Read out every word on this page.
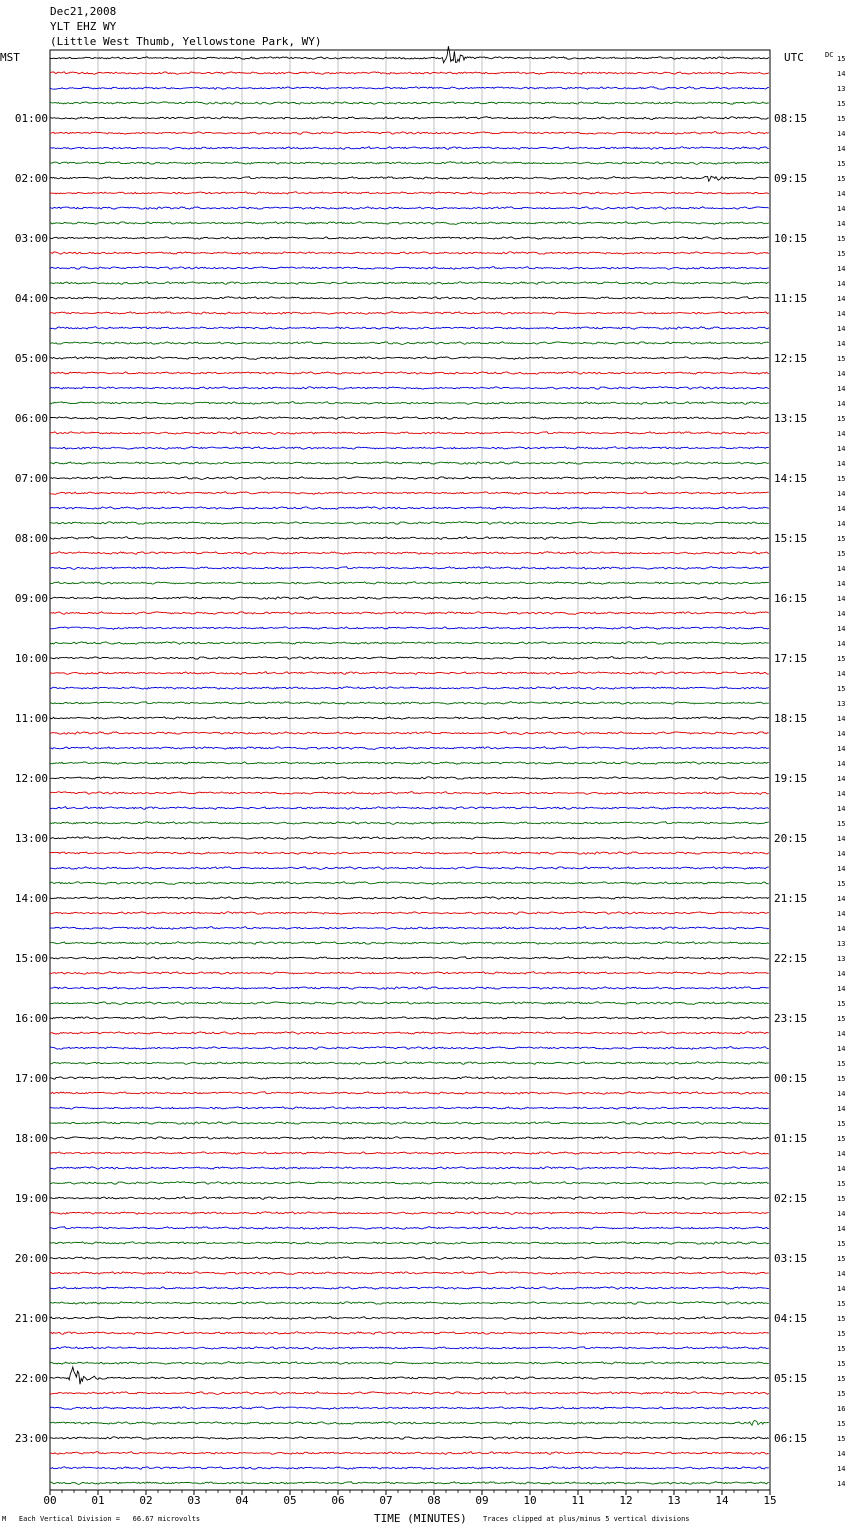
Dec21,2008
YLT EHZ WY
(Little West Thumb, Yellowstone Park, WY)
00	01	02	03	04	05	06	07	08	09	10	11	12	13	14	15
15
14
13
15
15
14
14
15
15
14
14
14
15
15
14
14
14
14
14
14
15
14
14
14
15
14
14
14
15
14
14
14
15
15
14
14
14
14
14
14
15
14
15
13
14
14
14
14
14
14
14
15
14
14
14
15
14
14
14
13
13
14
14
15
15
14
14
15
15
14
14
15
15
14
14
15
15
14
14
15
15
14
14
15
15
15
15
15
15
15
16
15
15
14
14
14
01:00
02:00
03:00
04:00
05:00
06:00
07:00
08:00
09:00
10:00
11:00
12:00
13:00
14:00
15:00
16:00
17:00
18:00
19:00
20:00
21:00
22:00
23:00
08:15
09:15
10:15
11:15
12:15
13:15
14:15
15:15
16:15
17:15
18:15
19:15
20:15
21:15
22:15
23:15
00:15
01:15
02:15
03:15
04:15
05:15
06:15
MST	UTC	DC
M Each Vertical Division =   66.67 microvolts	TIME (MINUTES) Traces clipped at plus/minus 5 vertical divisions
